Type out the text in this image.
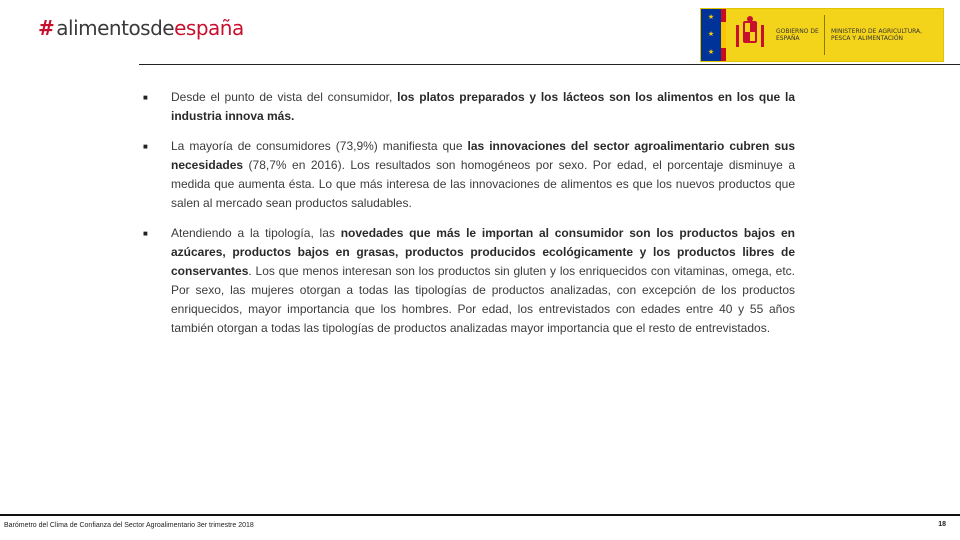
# alimentos de españa	★
★
★
GOBIERNO DE ESPAÑA
MINISTERIO DE AGRICULTURA, PESCA Y ALIMENTACIÓN
■	Desde el punto de vista del consumidor, los platos preparados y los lácteos son los alimentos en los que la industria innova más.

■	La mayoría de consumidores (73,9%) manifiesta que las innovaciones del sector agroalimentario cubren sus necesidades (78,7% en 2016). Los resultados son homogéneos por sexo. Por edad, el porcentaje disminuye a medida que aumenta ésta. Lo que más interesa de las innovaciones de alimentos es que los nuevos productos que salen al mercado sean productos saludables.

■	Atendiendo a la tipología, las novedades que más le importan al consumidor son los productos bajos en azúcares, productos bajos en grasas, productos producidos ecológicamente y los productos libres de conservantes. Los que menos interesan son los productos sin gluten y los enriquecidos con vitaminas, omega, etc. Por sexo, las mujeres otorgan a todas las tipologías de productos analizadas, con excepción de los productos enriquecidos, mayor importancia que los hombres. Por edad, los entrevistados con edades entre 40 y 55 años también otorgan a todas las tipologías de productos analizadas mayor importancia que el resto de entrevistados.

Barómetro del Clima de Confianza del Sector Agroalimentario 3er trimestre 2018	18
